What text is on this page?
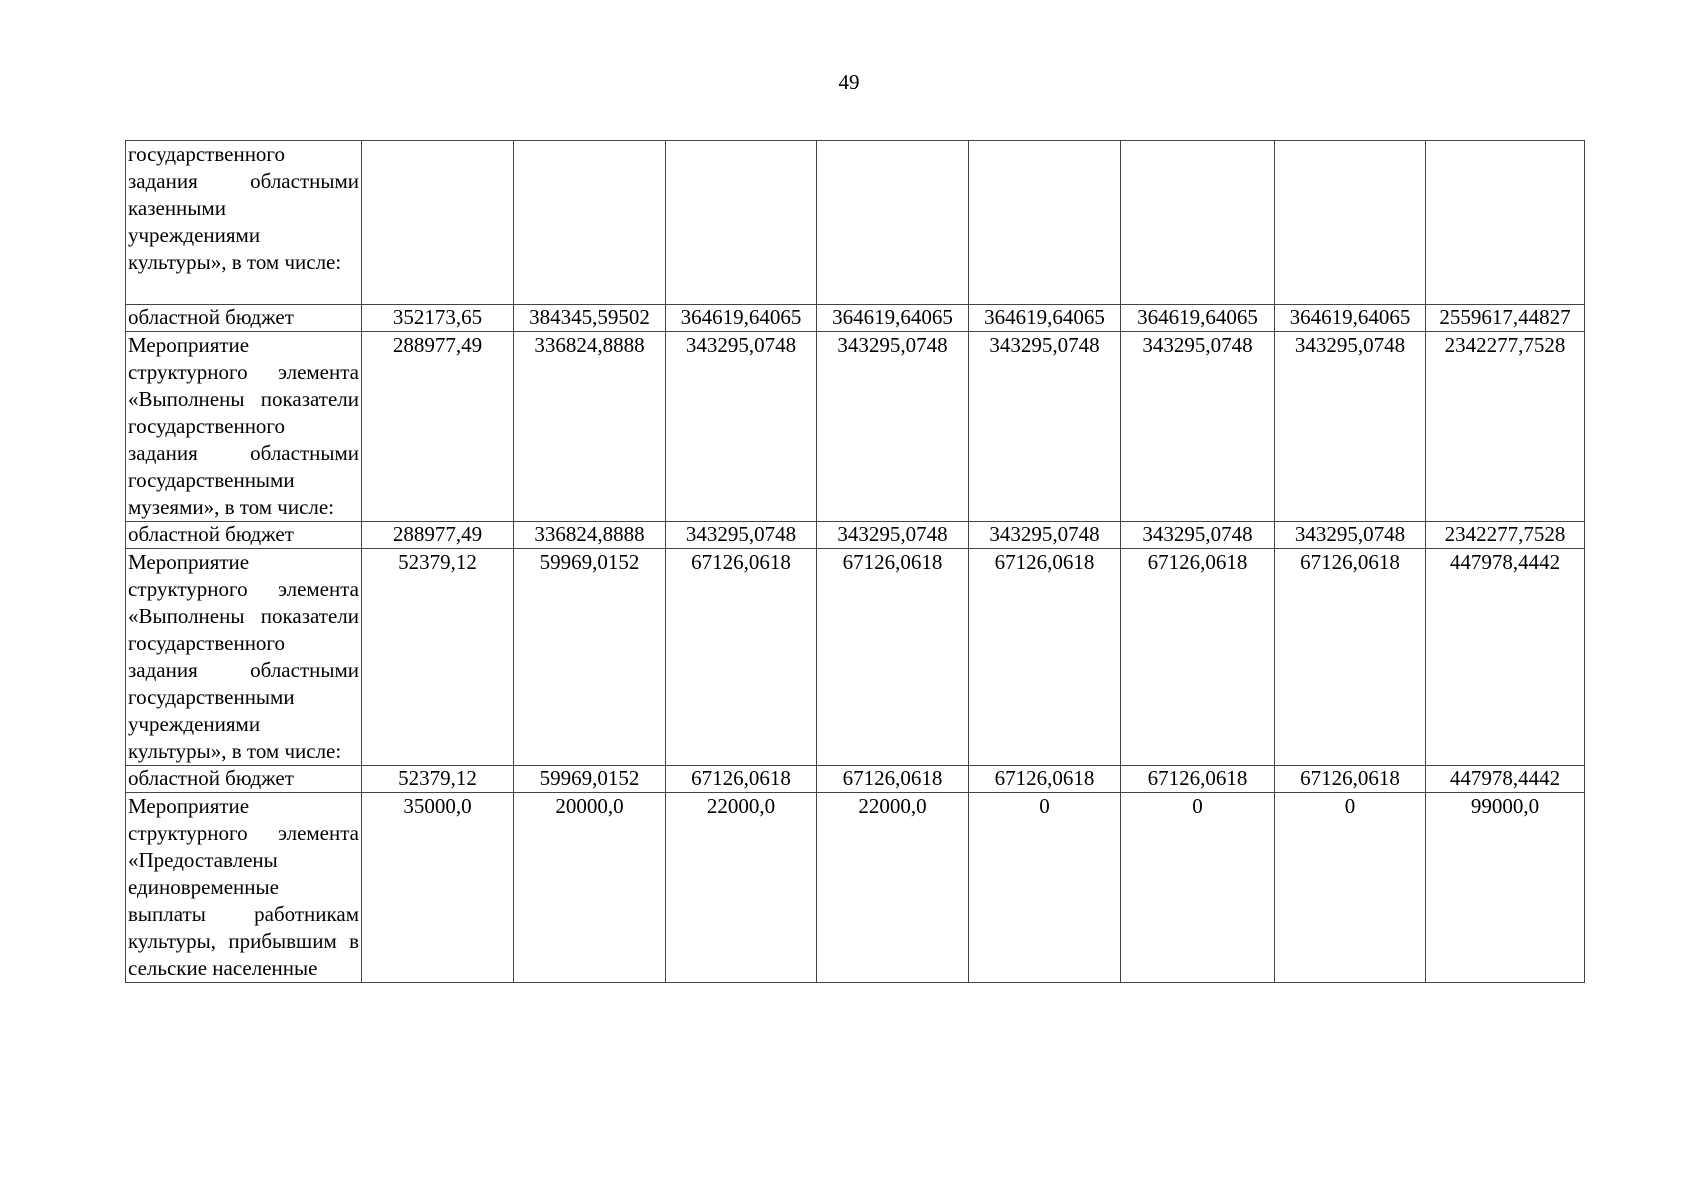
49
государственного задания областными казенными учреждениями культуры», в том числе:								
областной бюджет	352173,65	384345,59502	364619,64065	364619,64065	364619,64065	364619,64065	364619,64065	2559617,44827
Мероприятие структурного элемента «Выполнены показатели государственного задания областными государственными музеями», в том числе:	288977,49	336824,8888	343295,0748	343295,0748	343295,0748	343295,0748	343295,0748	2342277,7528
областной бюджет	288977,49	336824,8888	343295,0748	343295,0748	343295,0748	343295,0748	343295,0748	2342277,7528
Мероприятие структурного элемента «Выполнены показатели государственного задания областными государственными учреждениями культуры», в том числе:	52379,12	59969,0152	67126,0618	67126,0618	67126,0618	67126,0618	67126,0618	447978,4442
областной бюджет	52379,12	59969,0152	67126,0618	67126,0618	67126,0618	67126,0618	67126,0618	447978,4442
Мероприятие структурного элемента «Предоставлены единовременные выплаты работникам культуры, прибывшим в сельские населенные	35000,0	20000,0	22000,0	22000,0	0	0	0	99000,0
